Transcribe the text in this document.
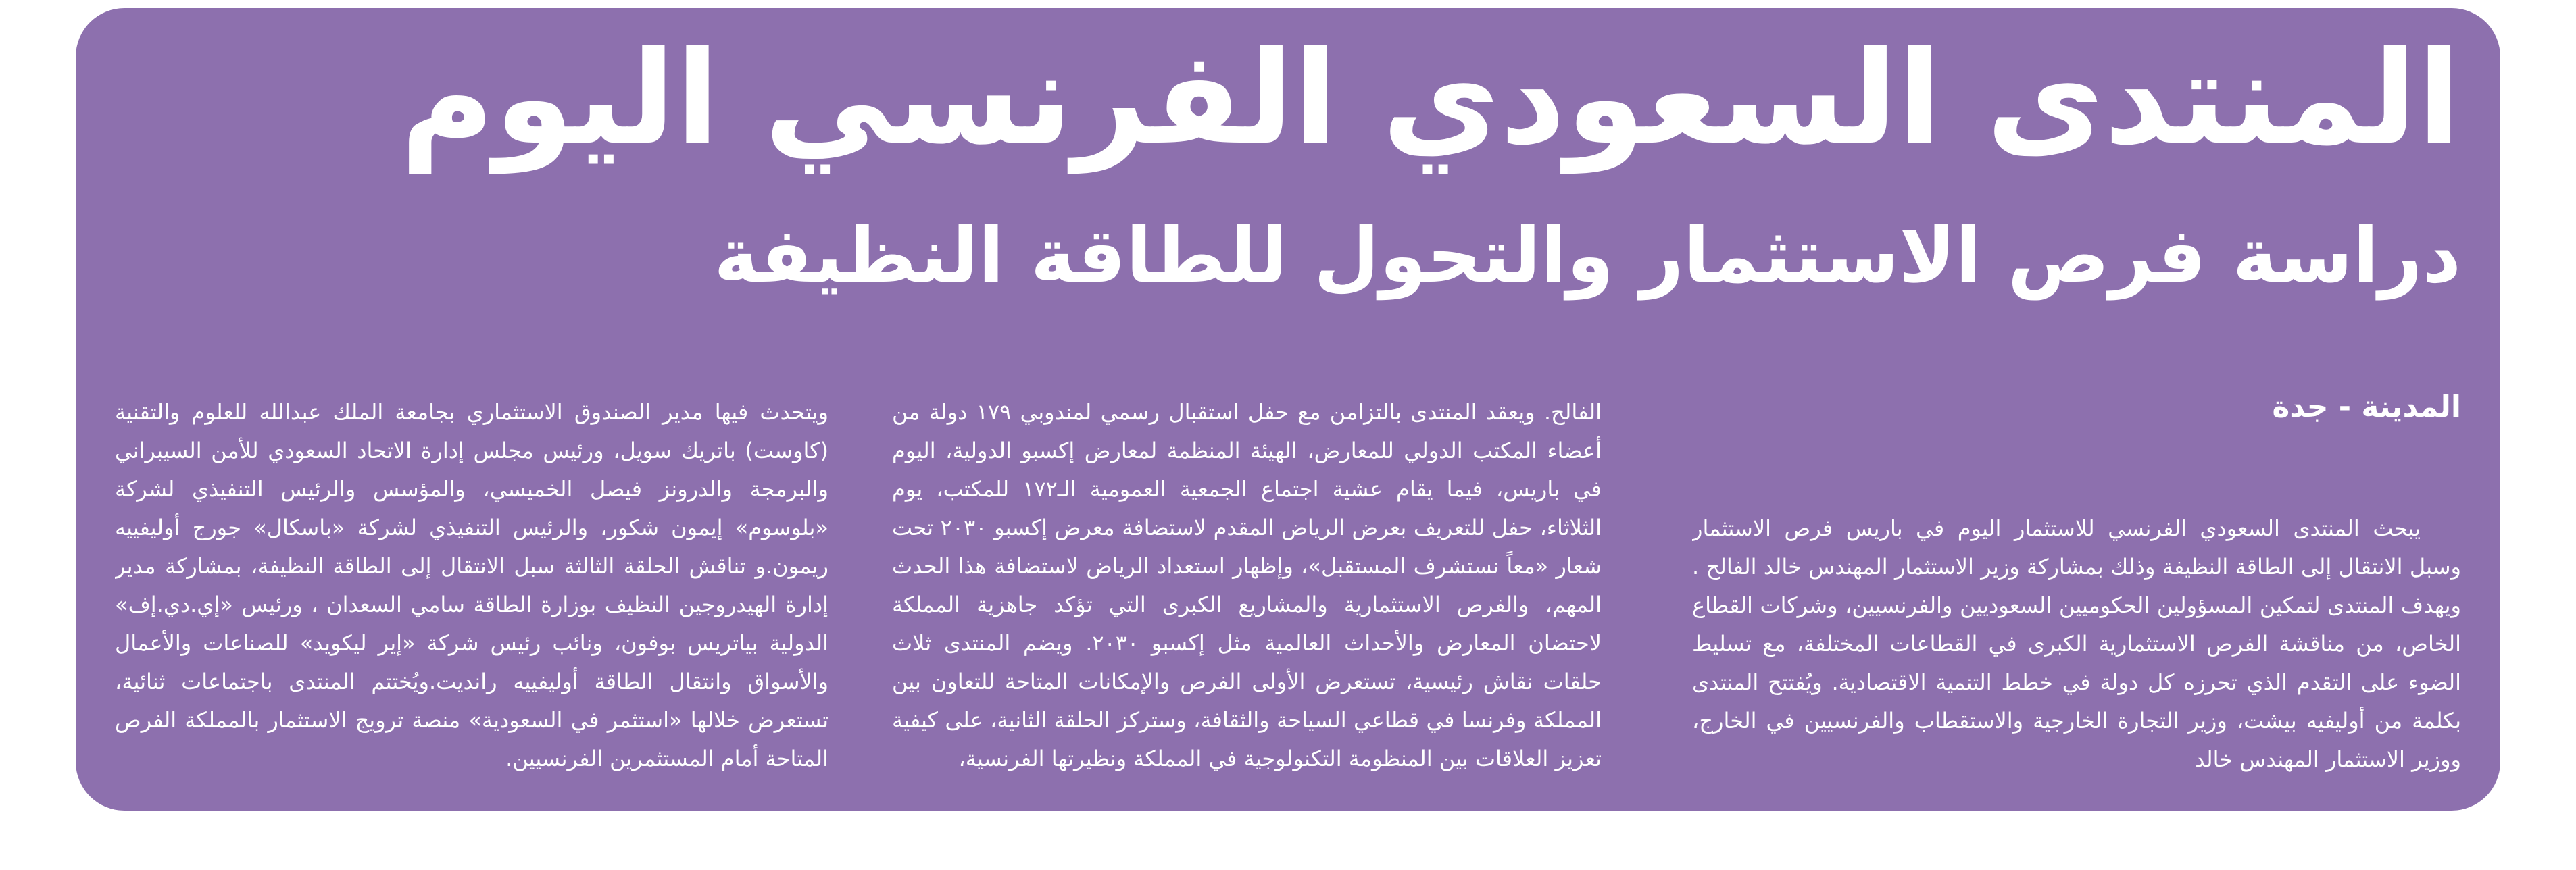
المنتدى السعودي الفرنسي اليوم
دراسة فرص الاستثمار والتحول للطاقة النظيفة
المدينة - جدة

يبحث المنتدى السعودي الفرنسي للاستثمار اليوم في باريس فرص الاستثمار وسبل الانتقال إلى الطاقة النظيفة وذلك بمشاركة وزير الاستثمار المهندس خالد الفالح . ويهدف المنتدى لتمكين المسؤولين الحكوميين السعوديين والفرنسيين، وشركات القطاع الخاص، من مناقشة الفرص الاستثمارية الكبرى في القطاعات المختلفة، مع تسليط الضوء على التقدم الذي تحرزه كل دولة في خطط التنمية الاقتصادية. ويُفتتح المنتدى بكلمة من أوليفيه بيشت، وزير التجارة الخارجية والاستقطاب والفرنسيين في الخارج، ووزير الاستثمار المهندس خالد

الفالح. ويعقد المنتدى بالتزامن مع حفل استقبال رسمي لمندوبي ١٧٩ دولة من أعضاء المكتب الدولي للمعارض، الهيئة المنظمة لمعارض إكسبو الدولية، اليوم في باريس، فيما يقام عشية اجتماع الجمعية العمومية الـ١٧٢ للمكتب، يوم الثلاثاء، حفل للتعريف بعرض الرياض المقدم لاستضافة معرض إكسبو ٢٠٣٠ تحت شعار «معاً نستشرف المستقبل»، وإظهار استعداد الرياض لاستضافة هذا الحدث المهم، والفرص الاستثمارية والمشاريع الكبرى التي تؤكد جاهزية المملكة لاحتضان المعارض والأحداث العالمية مثل إكسبو ٢٠٣٠. ويضم المنتدى ثلاث حلقات نقاش رئيسية، تستعرض الأولى الفرص والإمكانات المتاحة للتعاون بين المملكة وفرنسا في قطاعي السياحة والثقافة، وستركز الحلقة الثانية، على كيفية تعزيز العلاقات بين المنظومة التكنولوجية في المملكة ونظيرتها الفرنسية،

ويتحدث فيها مدير الصندوق الاستثماري بجامعة الملك عبدالله للعلوم والتقنية (كاوست) باتريك سويل، ورئيس مجلس إدارة الاتحاد السعودي للأمن السيبراني والبرمجة والدرونز فيصل الخميسي، والمؤسس والرئيس التنفيذي لشركة «بلوسوم» إيمون شكور، والرئيس التنفيذي لشركة «باسكال» جورج أوليفييه ريمون.و تناقش الحلقة الثالثة سبل الانتقال إلى الطاقة النظيفة، بمشاركة مدير إدارة الهيدروجين النظيف بوزارة الطاقة سامي السعدان ، ورئيس «إي.دي.إف» الدولية بياتريس بوفون، ونائب رئيس شركة «إير ليكويد» للصناعات والأعمال والأسواق وانتقال الطاقة أوليفييه رانديت.ويُختتم المنتدى باجتماعات ثنائية، تستعرض خلالها «استثمر في السعودية» منصة ترويج الاستثمار بالمملكة الفرص المتاحة أمام المستثمرين الفرنسيين.
